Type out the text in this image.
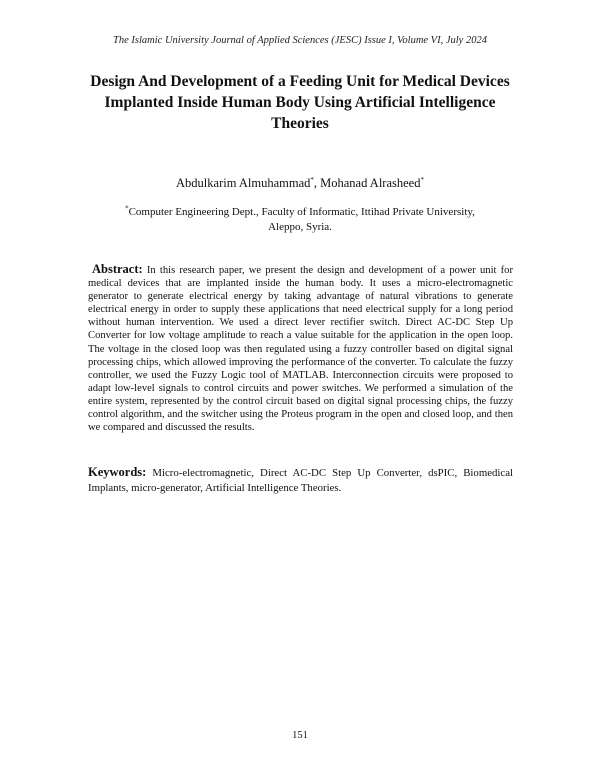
The Islamic University Journal of Applied Sciences (JESC) Issue I, Volume VI, July 2024
Design And Development of a Feeding Unit for Medical Devices
Implanted Inside Human Body Using Artificial Intelligence
Theories
Abdulkarim Almuhammad*, Mohanad Alrasheed*
*Computer Engineering Dept., Faculty of Informatic, Ittihad Private University,
Aleppo, Syria.
Abstract: In this research paper, we present the design and development of a power unit for medical devices that are implanted inside the human body. It uses a micro-electromagnetic generator to generate electrical energy by taking advantage of natural vibrations to generate electrical energy in order to supply these applications that need electrical supply for a long period without human intervention. We used a direct lever rectifier switch. Direct AC-DC Step Up Converter for low voltage amplitude to reach a value suitable for the application in the open loop. The voltage in the closed loop was then regulated using a fuzzy controller based on digital signal processing chips, which allowed improving the performance of the converter. To calculate the fuzzy controller, we used the Fuzzy Logic tool of MATLAB. Interconnection circuits were proposed to adapt low-level signals to control circuits and power switches. We performed a simulation of the entire system, represented by the control circuit based on digital signal processing chips, the fuzzy control algorithm, and the switcher using the Proteus program in the open and closed loop, and then we compared and discussed the results.
Keywords: Micro-electromagnetic, Direct AC-DC Step Up Converter, dsPIC, Biomedical Implants, micro-generator, Artificial Intelligence Theories.
151
